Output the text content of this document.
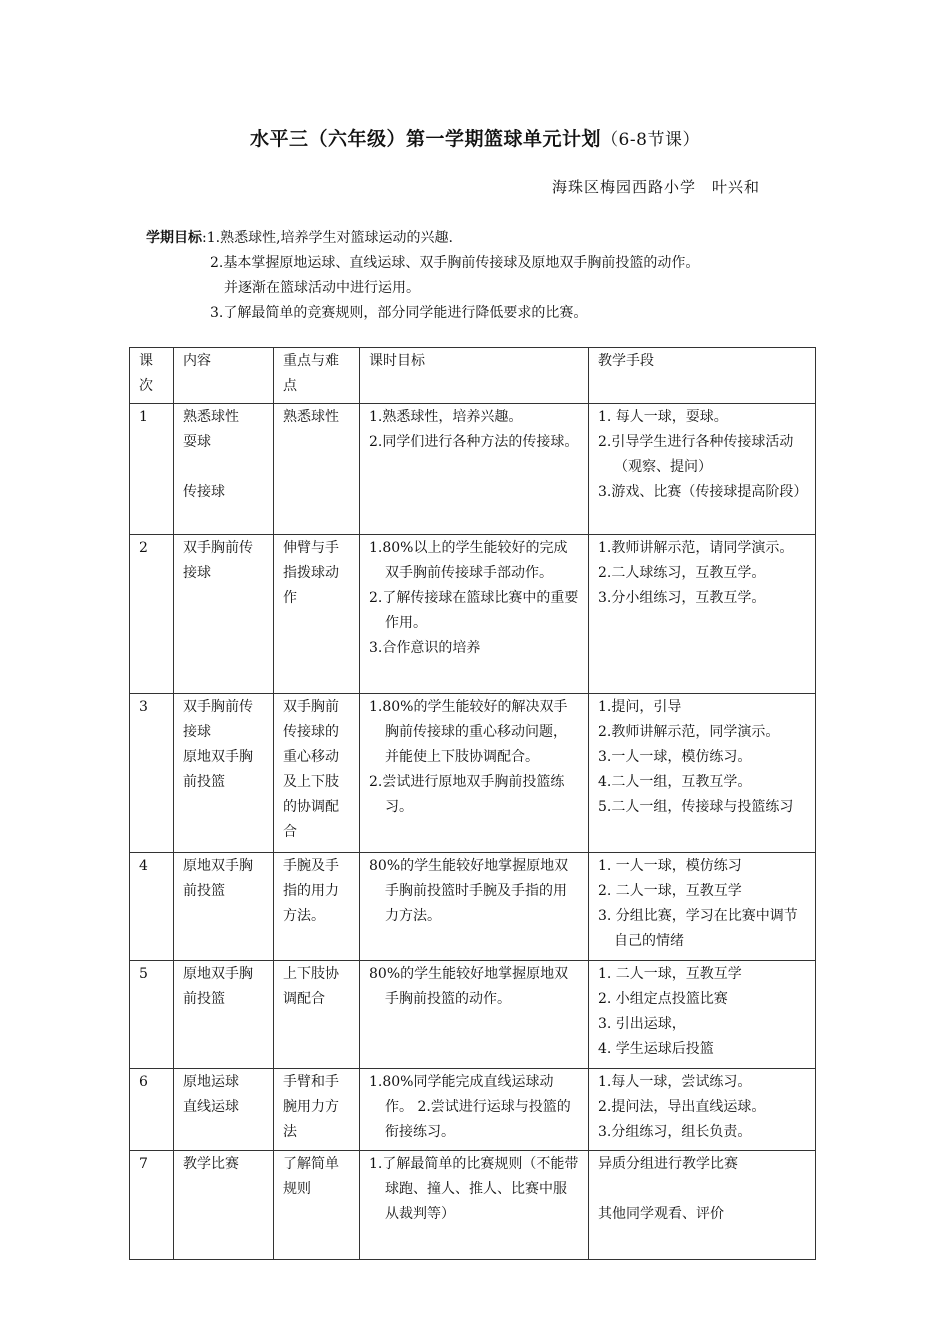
水平三（六年级）第一学期篮球单元计划（6-8节课）
海珠区梅园西路小学　叶兴和
学期目标:1.熟悉球性,培养学生对篮球运动的兴趣.
2.基本掌握原地运球、直线运球、双手胸前传接球及原地双手胸前投篮的动作。
并逐渐在篮球活动中进行运用。
3.了解最简单的竞赛规则，部分同学能进行降低要求的比赛。
课次	内容	重点与难点	课时目标	教学手段
1	熟悉球性
耍球
传接球	熟悉球性	1.熟悉球性，培养兴趣。
2.同学们进行各种方法的传接球。	1. 每人一球，耍球。
2.引导学生进行各种传接球活动（观察、提问）
3.游戏、比赛（传接球提高阶段）

2	双手胸前传接球	伸臂与手指拨球动作	1.80%以上的学生能较好的完成双手胸前传接球手部动作。
2.了解传接球在篮球比赛中的重要作用。
3.合作意识的培养	1.教师讲解示范，请同学演示。
2.二人球练习，互教互学。
3.分小组练习，互教互学。

3	双手胸前传接球
原地双手胸前投篮	双手胸前传接球的重心移动及上下肢的协调配合	1.80%的学生能较好的解决双手胸前传接球的重心移动问题，并能使上下肢协调配合。
2.尝试进行原地双手胸前投篮练习。	1.提问，引导
2.教师讲解示范，同学演示。
3.一人一球，模仿练习。
4.二人一组，互教互学。
5.二人一组，传接球与投篮练习

4	原地双手胸前投篮	手腕及手指的用力方法。	80%的学生能较好地掌握原地双手胸前投篮时手腕及手指的用力方法。	1. 一人一球，模仿练习
2. 二人一球，互教互学
3. 分组比赛，学习在比赛中调节自己的情绪

5	原地双手胸前投篮	上下肢协调配合	80%的学生能较好地掌握原地双手胸前投篮的动作。	1. 二人一球，互教互学
2. 小组定点投篮比赛
3. 引出运球，
4. 学生运球后投篮

6	原地运球
直线运球	手臂和手腕用力方法	1.80%同学能完成直线运球动作。 2.尝试进行运球与投篮的衔接练习。	1.每人一球，尝试练习。
2.提问法，导出直线运球。
3.分组练习，组长负责。

7	教学比赛	了解简单规则	1.了解最简单的比赛规则（不能带球跑、撞人、推人、比赛中服从裁判等）	异质分组进行教学比赛
其他同学观看、评价
